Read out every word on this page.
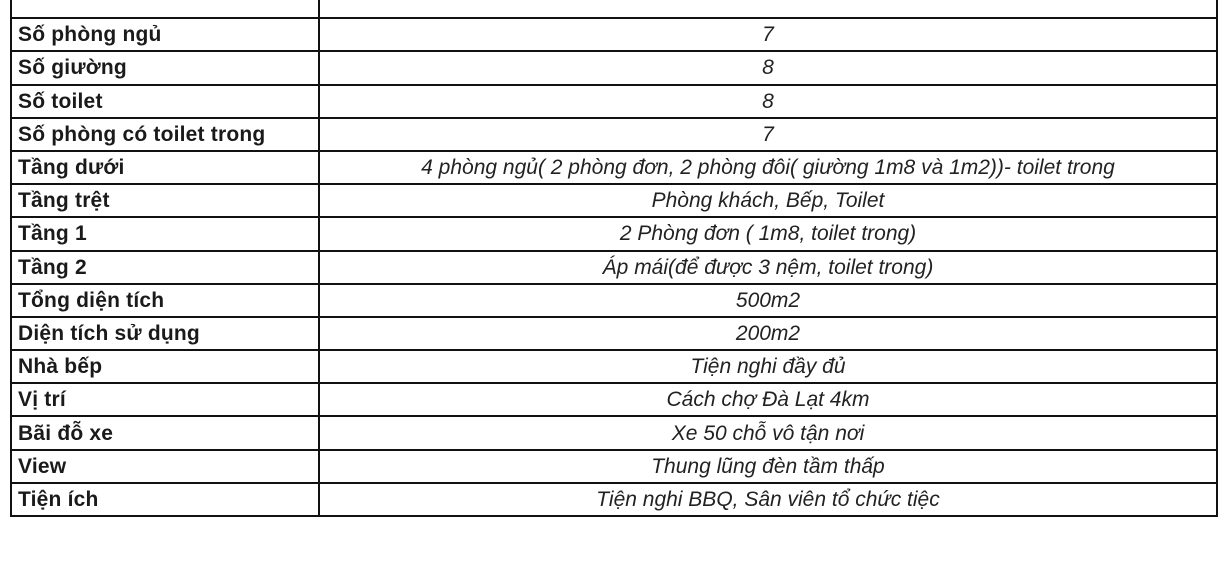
Số phòng ngủ	7
Số giường	8
Số toilet	8
Số phòng có toilet trong	7
Tầng dưới	4 phòng ngủ( 2 phòng đơn, 2 phòng đôi( giường 1m8 và 1m2))- toilet trong
Tầng trệt	Phòng khách, Bếp, Toilet
Tầng 1	2 Phòng đơn ( 1m8, toilet trong)
Tầng 2	Áp mái(để được 3 nệm, toilet trong)
Tổng diện tích	500m2
Diện tích sử dụng	200m2
Nhà bếp	Tiện nghi đầy đủ
Vị trí	Cách chợ Đà Lạt 4km
Bãi đỗ xe	Xe 50 chỗ vô tận nơi
View	Thung lũng đèn tầm thấp
Tiện ích	Tiện nghi BBQ, Sân viên tổ chức tiệc
